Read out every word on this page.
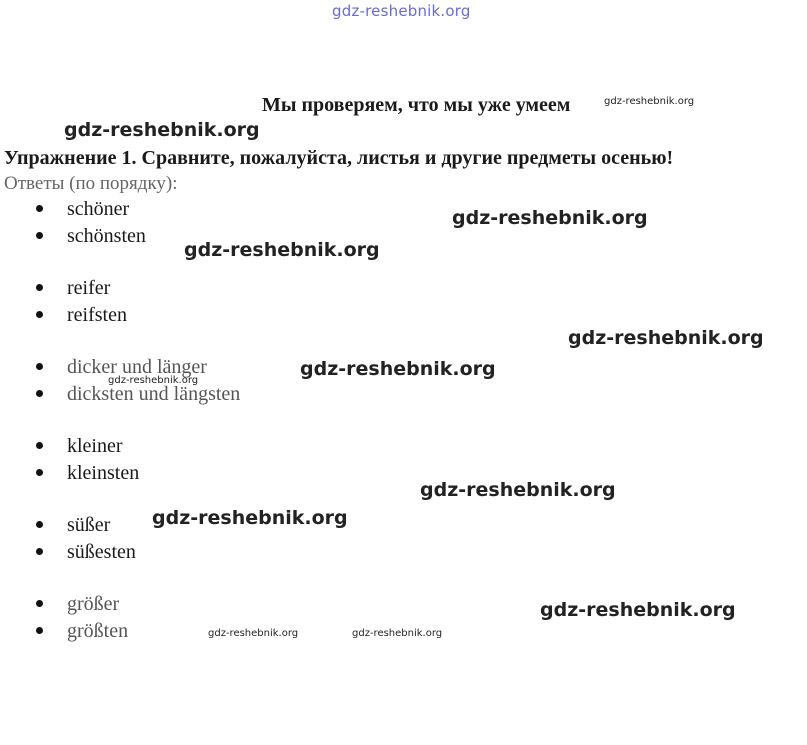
gdz-reshebnik.org
Мы проверяем, что мы уже умеем
Упражнение 1. Сравните, пожалуйста, листья и другие предметы осенью!
Ответы (по порядку):
schöner
schönsten
reifer
reifsten
dicker und länger
dicksten und längsten
kleiner
kleinsten
süßer
süßesten
größer
größten
gdz-reshebnik.org
gdz-reshebnik.org
gdz-reshebnik.org
gdz-reshebnik.org
gdz-reshebnik.org
gdz-reshebnik.org
gdz-reshebnik.org
gdz-reshebnik.org
gdz-reshebnik.org
gdz-reshebnik.org
gdz-reshebnik.org	gdz-reshebnik.org
